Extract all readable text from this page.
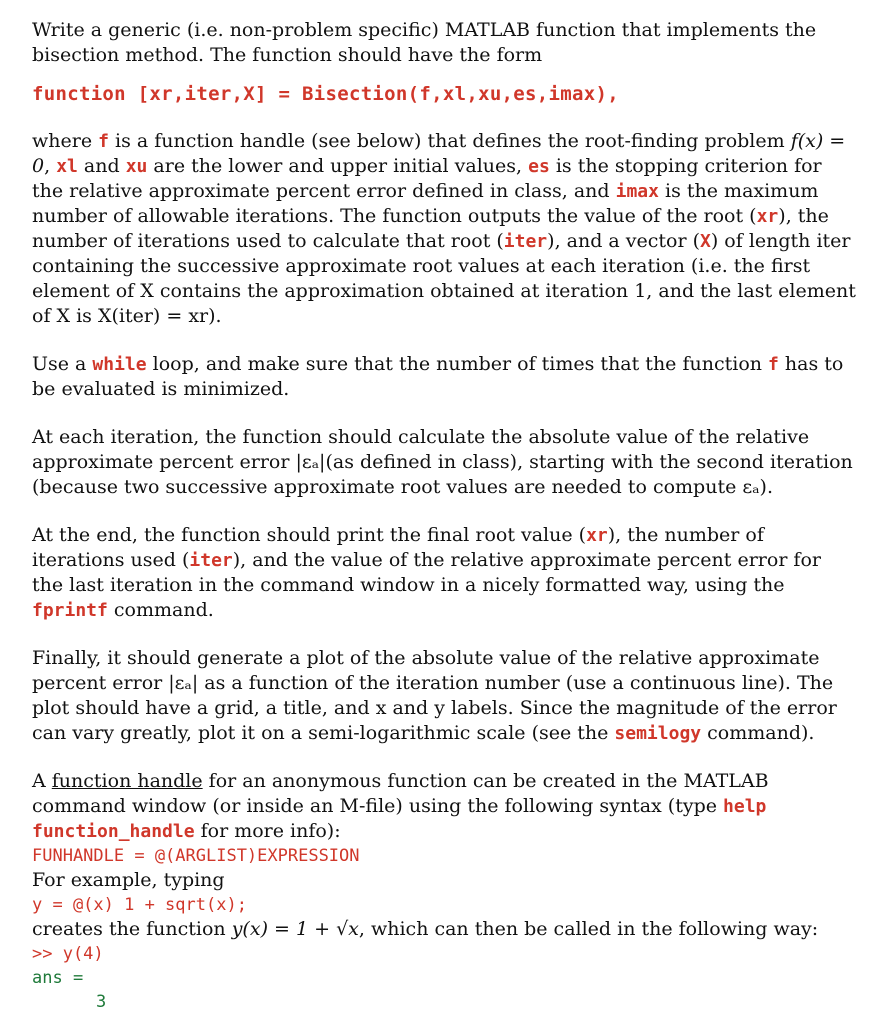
Write a generic (i.e. non-problem specific) MATLAB function that implements the bisection method. The function should have the form

function [xr,iter,X] = Bisection(f,xl,xu,es,imax),

where f is a function handle (see below) that defines the root-finding problem f(x) = 0, xl and xu are the lower and upper initial values, es is the stopping criterion for the relative approximate percent error defined in class, and imax is the maximum number of allowable iterations. The function outputs the value of the root (xr), the number of iterations used to calculate that root (iter), and a vector (X) of length iter containing the successive approximate root values at each iteration (i.e. the first element of X contains the approximation obtained at iteration 1, and the last element of X is X(iter) = xr).

Use a while loop, and make sure that the number of times that the function f has to be evaluated is minimized.

At each iteration, the function should calculate the absolute value of the relative approximate percent error |εₐ|(as defined in class), starting with the second iteration (because two successive approximate root values are needed to compute εₐ).

At the end, the function should print the final root value (xr), the number of iterations used (iter), and the value of the relative approximate percent error for the last iteration in the command window in a nicely formatted way, using the fprintf command.

Finally, it should generate a plot of the absolute value of the relative approximate percent error |εₐ| as a function of the iteration number (use a continuous line). The plot should have a grid, a title, and x and y labels. Since the magnitude of the error can vary greatly, plot it on a semi-logarithmic scale (see the semilogy command).

A function handle for an anonymous function can be created in the MATLAB command window (or inside an M-file) using the following syntax (type help function_handle for more info):

FUNHANDLE = @(ARGLIST)EXPRESSION

For example, typing

y = @(x) 1 + sqrt(x);

creates the function y(x) = 1 + √x, which can then be called in the following way:

>> y(4)
ans =
3
